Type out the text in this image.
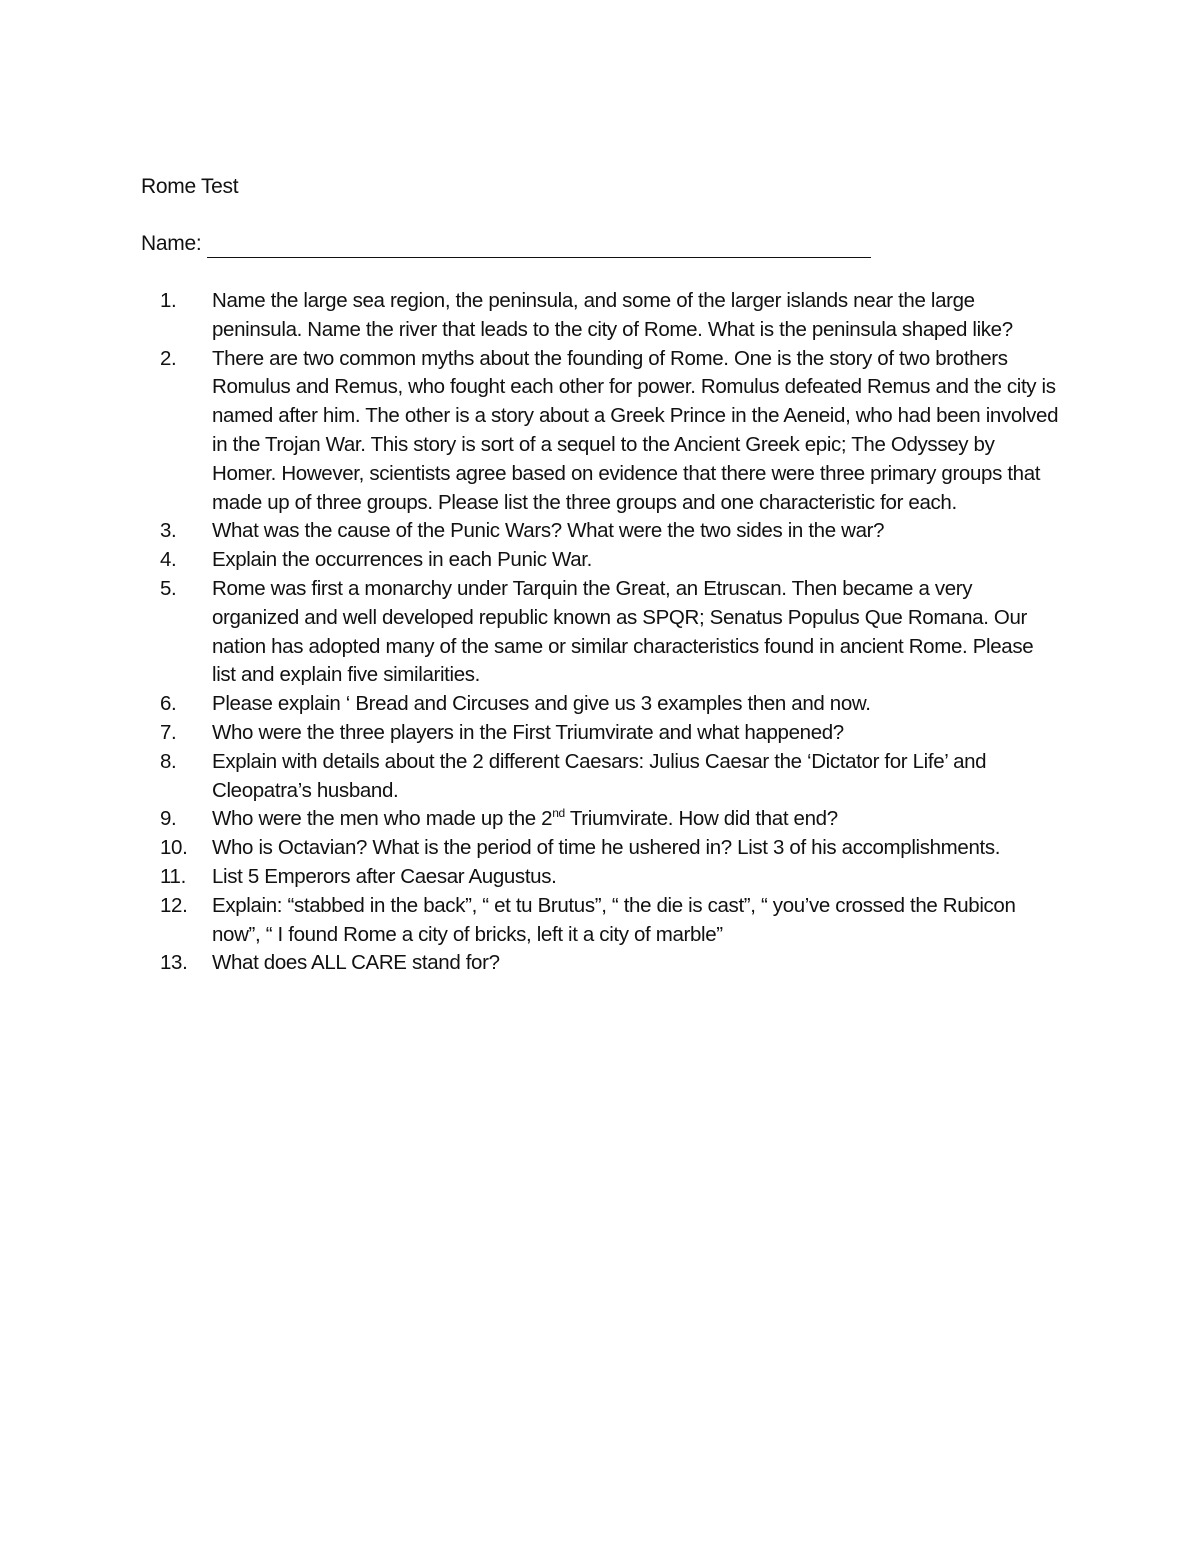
Rome Test
Name:
1.	Name the large sea region, the peninsula, and some of the larger islands near the large peninsula. Name the river that leads to the city of Rome. What is the peninsula shaped like?
2.	There are two common myths about the founding of Rome. One is the story of two brothers Romulus and Remus, who fought each other for power. Romulus defeated Remus and the city is named after him. The other is a story about a Greek Prince in the Aeneid, who had been involved in the Trojan War. This story is sort of a sequel to the Ancient Greek epic; The Odyssey by Homer. However, scientists agree based on evidence that there were three primary groups that made up of three groups. Please list the three groups and one characteristic for each.
3.	What was the cause of the Punic Wars? What were the two sides in the war?
4.	Explain the occurrences in each Punic War.
5.	Rome was first a monarchy under Tarquin the Great, an Etruscan. Then became a very organized and well developed republic known as SPQR; Senatus Populus Que Romana. Our nation has adopted many of the same or similar characteristics found in ancient Rome. Please list and explain five similarities.
6.	Please explain ‘ Bread and Circuses and give us 3 examples then and now.
7.	Who were the three players in the First Triumvirate and what happened?
8.	Explain with details about the 2 different Caesars: Julius Caesar the ‘Dictator for Life’ and Cleopatra’s husband.
9.	Who were the men who made up the 2nd Triumvirate. How did that end?
10.	Who is Octavian? What is the period of time he ushered in? List 3 of his accomplishments.
11.	List 5 Emperors after Caesar Augustus.
12.	Explain: “stabbed in the back”, “ et tu Brutus”, “ the die is cast”, “ you’ve crossed the Rubicon now”, “ I found Rome a city of bricks, left it a city of marble”
13.	What does ALL CARE stand for?
